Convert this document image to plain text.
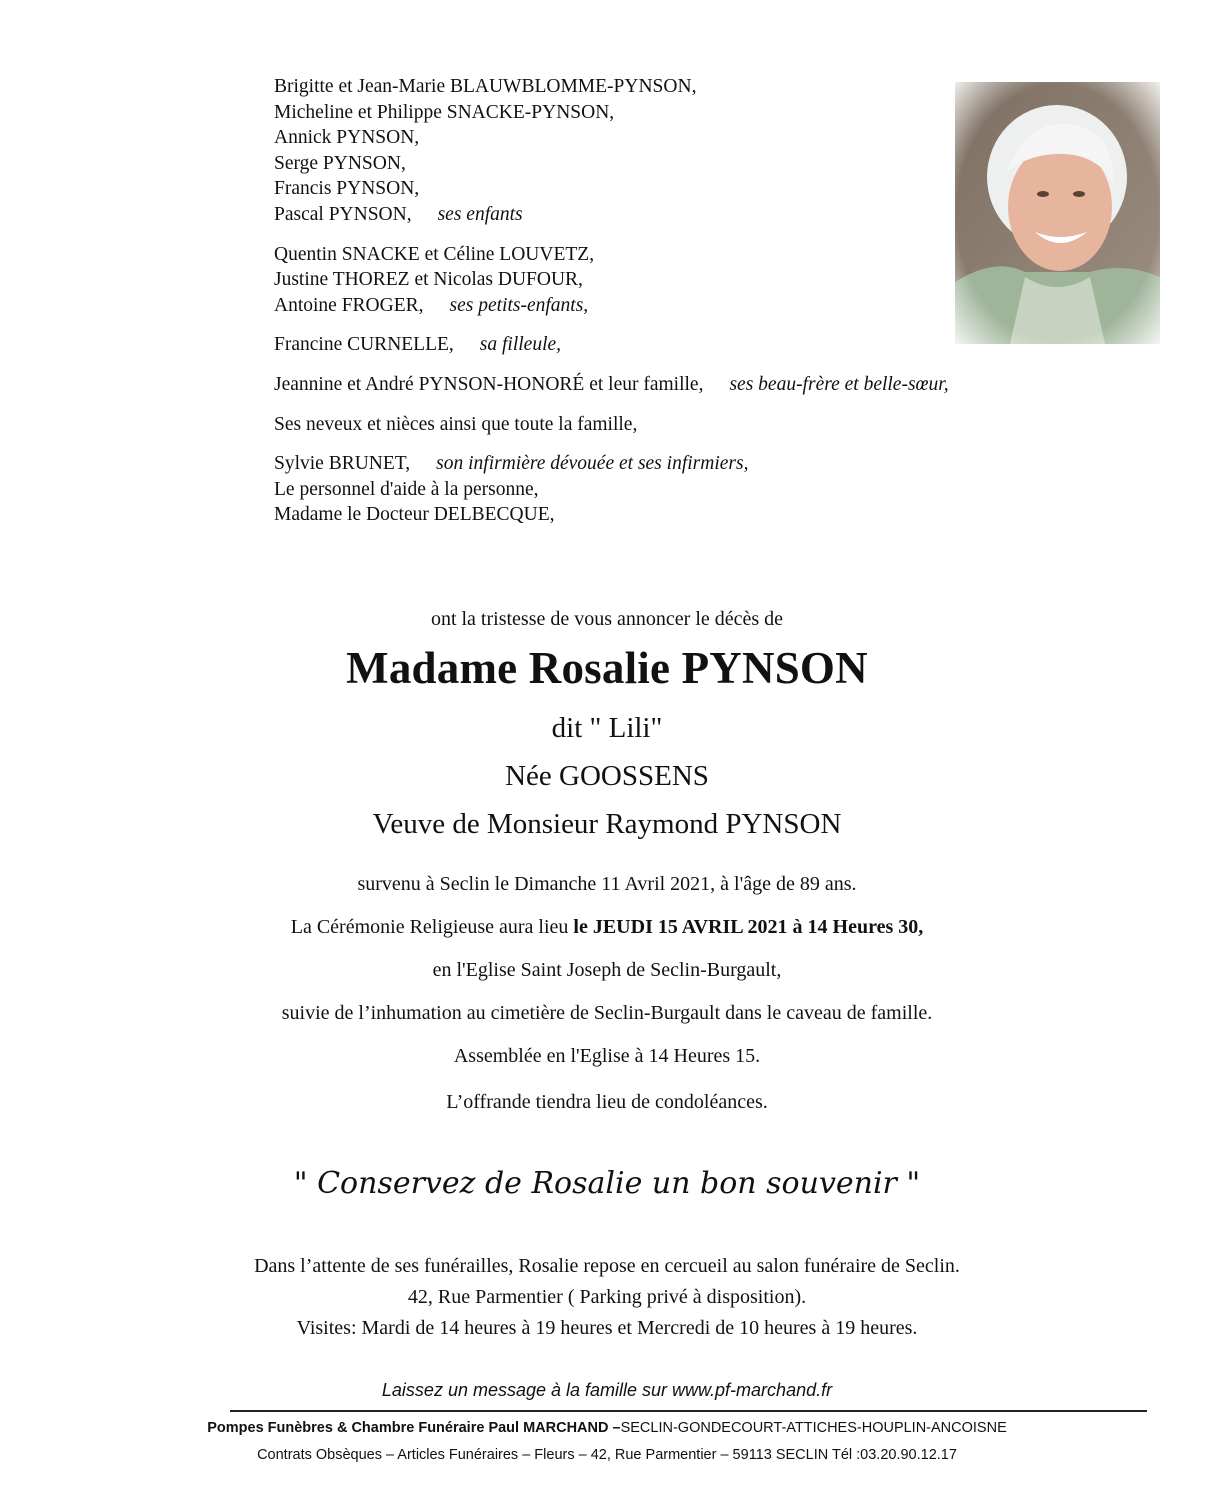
Brigitte et Jean-Marie BLAUWBLOMME-PYNSON,
Micheline et Philippe SNACKE-PYNSON,
Annick PYNSON,
Serge PYNSON,
Francis PYNSON,
Pascal PYNSON, ses enfants
Quentin SNACKE et Céline LOUVETZ,
Justine THOREZ et Nicolas DUFOUR,
Antoine FROGER, ses petits-enfants,
Francine CURNELLE, sa filleule,
Jeannine et André PYNSON-HONORÉ et leur famille, ses beau-frère et belle-sœur,
Ses neveux et nièces ainsi que toute la famille,
Sylvie BRUNET, son infirmière dévouée et ses infirmiers,
Le personnel d'aide à la personne,
Madame le Docteur DELBECQUE,
ont la tristesse de vous annoncer le décès de
Madame Rosalie PYNSON
dit " Lili"
Née GOOSSENS
Veuve de Monsieur Raymond PYNSON
survenu à Seclin le Dimanche 11 Avril 2021, à l'âge de 89 ans.
La Cérémonie Religieuse aura lieu le JEUDI 15 AVRIL 2021 à 14 Heures 30,
en l'Eglise Saint Joseph de Seclin-Burgault,
suivie de l’inhumation au cimetière de Seclin-Burgault dans le caveau de famille.
Assemblée en l'Eglise à 14 Heures 15.
L’offrande tiendra lieu de condoléances.
" Conservez de Rosalie un bon souvenir "
Dans l’attente de ses funérailles, Rosalie repose en cercueil au salon funéraire de Seclin.
42, Rue Parmentier ( Parking privé à disposition).
Visites: Mardi de 14 heures à 19 heures et Mercredi de 10 heures à 19 heures.
Laissez un message à la famille sur www.pf-marchand.fr
Pompes Funèbres & Chambre Funéraire Paul MARCHAND –SECLIN-GONDECOURT-ATTICHES-HOUPLIN-ANCOISNE
Contrats Obsèques – Articles Funéraires – Fleurs – 42, Rue Parmentier – 59113 SECLIN Tél :03.20.90.12.17
